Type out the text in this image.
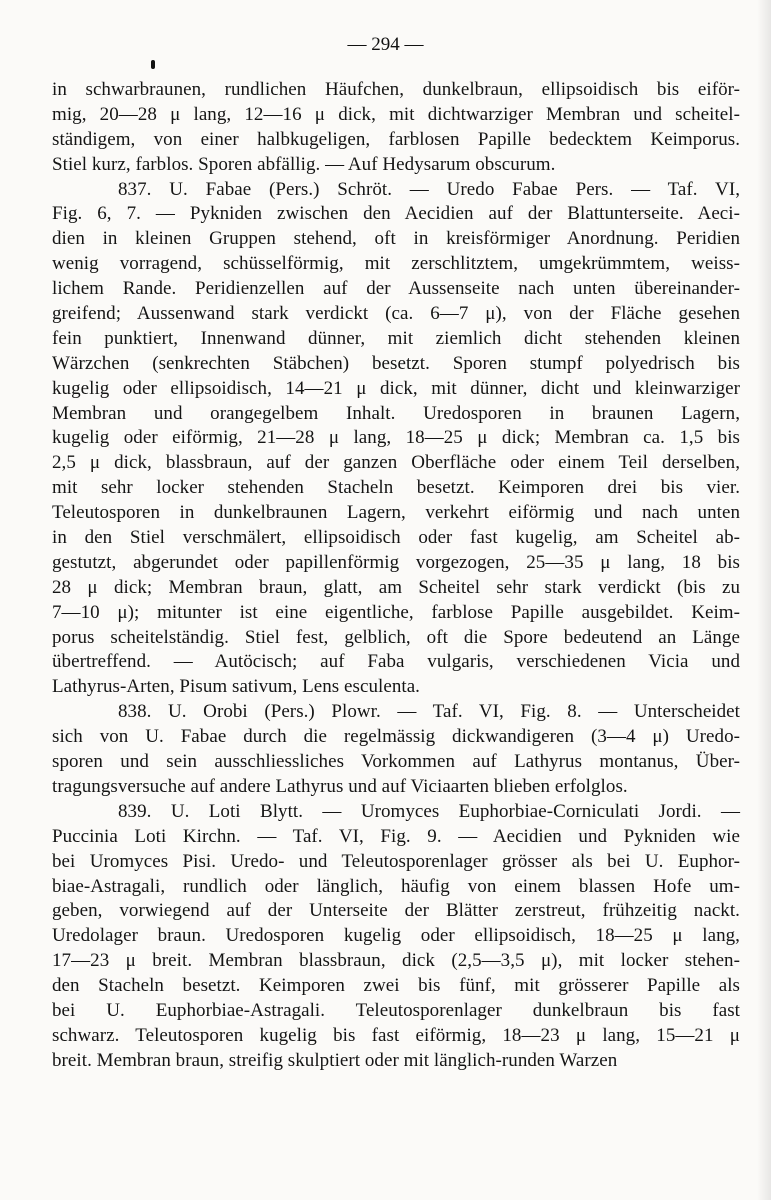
— 294 —
in schwarbraunen, rundlichen Häufchen, dunkelbraun, ellipsoidisch bis eiför-
mig, 20—28 μ lang, 12—16 μ dick, mit dichtwarziger Membran und scheitel-
ständigem, von einer halbkugeligen, farblosen Papille bedecktem Keimporus.
Stiel kurz, farblos. Sporen abfällig. — Auf Hedysarum obscurum.
837. U. Fabae (Pers.) Schröt. — Uredo Fabae Pers. — Taf. VI,
Fig. 6, 7. — Pykniden zwischen den Aecidien auf der Blattunterseite. Aeci-
dien in kleinen Gruppen stehend, oft in kreisförmiger Anordnung. Peridien
wenig vorragend, schüsselförmig, mit zerschlitztem, umgekrümmtem, weiss-
lichem Rande. Peridienzellen auf der Aussenseite nach unten übereinander-
greifend; Aussenwand stark verdickt (ca. 6—7 μ), von der Fläche gesehen
fein punktiert, Innenwand dünner, mit ziemlich dicht stehenden kleinen
Wärzchen (senkrechten Stäbchen) besetzt. Sporen stumpf polyedrisch bis
kugelig oder ellipsoidisch, 14—21 μ dick, mit dünner, dicht und kleinwarziger
Membran und orangegelbem Inhalt. Uredosporen in braunen Lagern,
kugelig oder eiförmig, 21—28 μ lang, 18—25 μ dick; Membran ca. 1,5 bis
2,5 μ dick, blassbraun, auf der ganzen Oberfläche oder einem Teil derselben,
mit sehr locker stehenden Stacheln besetzt. Keimporen drei bis vier.
Teleutosporen in dunkelbraunen Lagern, verkehrt eiförmig und nach unten
in den Stiel verschmälert, ellipsoidisch oder fast kugelig, am Scheitel ab-
gestutzt, abgerundet oder papillenförmig vorgezogen, 25—35 μ lang, 18 bis
28 μ dick; Membran braun, glatt, am Scheitel sehr stark verdickt (bis zu
7—10 μ); mitunter ist eine eigentliche, farblose Papille ausgebildet. Keim-
porus scheitelständig. Stiel fest, gelblich, oft die Spore bedeutend an Länge
übertreffend. — Autöcisch; auf Faba vulgaris, verschiedenen Vicia und
Lathyrus-Arten, Pisum sativum, Lens esculenta.
838. U. Orobi (Pers.) Plowr. — Taf. VI, Fig. 8. — Unterscheidet
sich von U. Fabae durch die regelmässig dickwandigeren (3—4 μ) Uredo-
sporen und sein ausschliessliches Vorkommen auf Lathyrus montanus, Über-
tragungsversuche auf andere Lathyrus und auf Viciaarten blieben erfolglos.
839. U. Loti Blytt. — Uromyces Euphorbiae-Corniculati Jordi. —
Puccinia Loti Kirchn. — Taf. VI, Fig. 9. — Aecidien und Pykniden wie
bei Uromyces Pisi. Uredo- und Teleutosporenlager grösser als bei U. Euphor-
biae-Astragali, rundlich oder länglich, häufig von einem blassen Hofe um-
geben, vorwiegend auf der Unterseite der Blätter zerstreut, frühzeitig nackt.
Uredolager braun. Uredosporen kugelig oder ellipsoidisch, 18—25 μ lang,
17—23 μ breit. Membran blassbraun, dick (2,5—3,5 μ), mit locker stehen-
den Stacheln besetzt. Keimporen zwei bis fünf, mit grösserer Papille als
bei U. Euphorbiae-Astragali. Teleutosporenlager dunkelbraun bis fast
schwarz. Teleutosporen kugelig bis fast eiförmig, 18—23 μ lang, 15—21 μ
breit. Membran braun, streifig skulptiert oder mit länglich-runden Warzen
